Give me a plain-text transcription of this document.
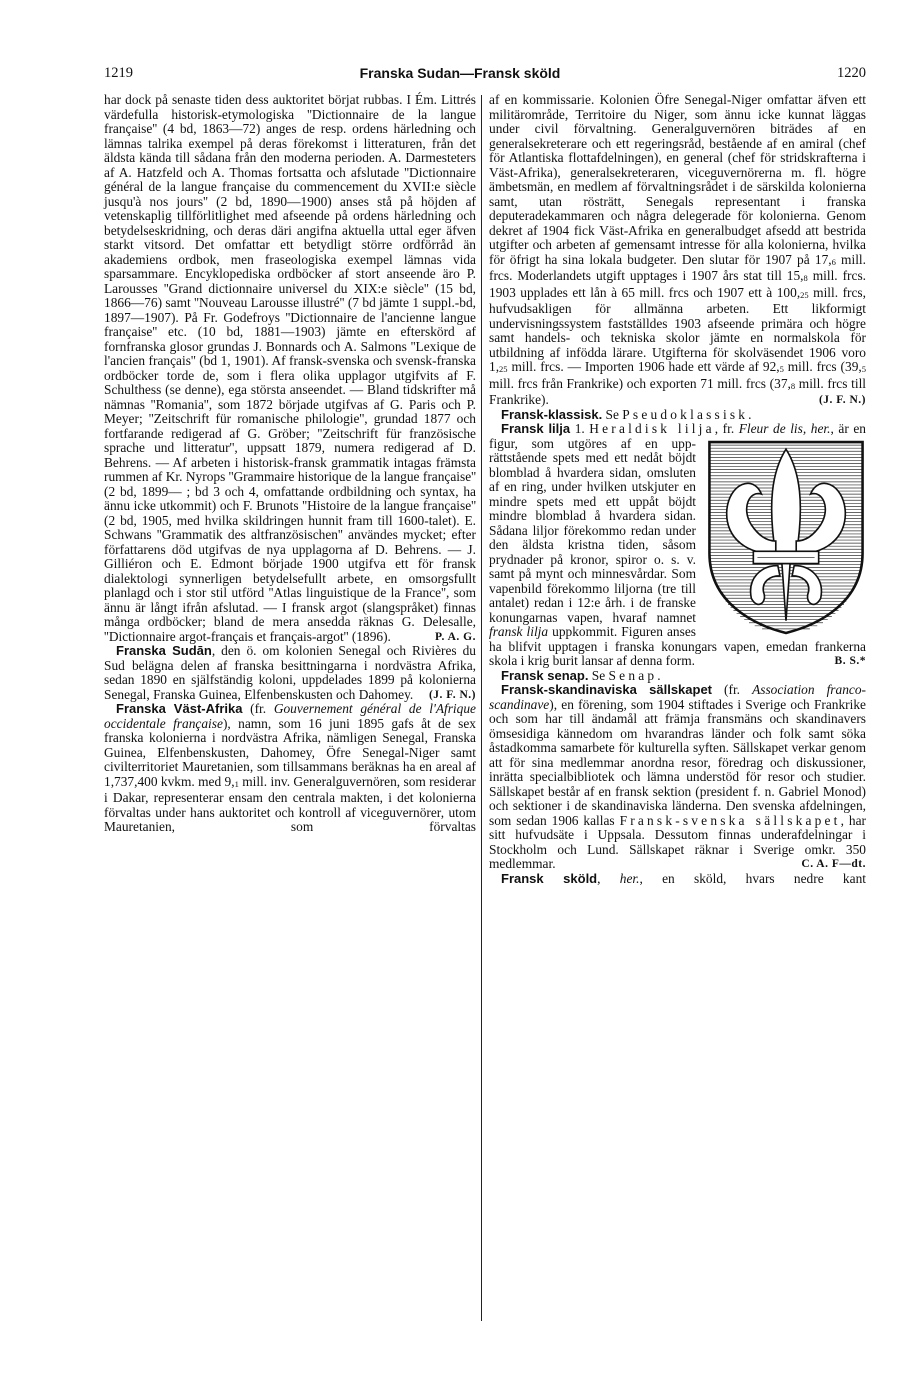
Franska Sudan—Fransk sköld
1219	1220

har dock på senaste tiden dess auktoritet börjat rubbas. I Ém. Littrés värdefulla historisk-etymologiska ''Dictionnaire de la langue française'' (4 bd, 1863—72) anges de resp. ordens härledning och lämnas talrika exempel på deras förekomst i litteraturen, från det äldsta kända till sådana från den moderna perioden. A. Darmesteters af A. Hatzfeld och A. Thomas fortsatta och afslutade ''Dictionnaire général de la langue française du commencement du XVII:e siècle jusqu'à nos jours'' (2 bd, 1890—1900) anses stå på höjden af vetenskaplig tillförlitlighet med afseende på ordens härledning och betydelseskridning, och deras däri angifna aktuella uttal eger äfven starkt vitsord. Det omfattar ett betydligt större ordförråd än akademiens ordbok, men fraseologiska exempel lämnas vida sparsammare. Encyklopediska ordböcker af stort anseende äro P. Larousses ''Grand dictionnaire universel du XIX:e siècle'' (15 bd, 1866—76) samt ''Nouveau Larousse illustré'' (7 bd jämte 1 suppl.-bd, 1897—1907). På Fr. Godefroys ''Dictionnaire de l'ancienne langue française'' etc. (10 bd, 1881—1903) jämte en efterskörd af fornfranska glosor grundas J. Bonnards och A. Salmons ''Lexique de l'ancien français'' (bd 1, 1901). Af fransk-svenska och svensk-franska ordböcker torde de, som i flera olika upplagor utgifvits af F. Schulthess (se denne), ega största anseendet. — Bland tidskrifter må nämnas ''Romania'', som 1872 började utgifvas af G. Paris och P. Meyer; ''Zeitschrift für romanische philologie'', grundad 1877 och fortfarande redigerad af G. Gröber; ''Zeitschrift für französische sprache und litteratur'', uppsatt 1879, numera redigerad af D. Behrens. — Af arbeten i historisk-fransk grammatik intagas främsta rummen af Kr. Nyrops ''Grammaire historique de la langue française'' (2 bd, 1899— ; bd 3 och 4, omfattande ordbildning och syntax, ha ännu icke utkommit) och F. Brunots ''Histoire de la langue française'' (2 bd, 1905, med hvilka skildringen hunnit fram till 1600-talet). E. Schwans ''Grammatik des altfranzösischen'' användes mycket; efter författarens död utgifvas de nya upplagorna af D. Behrens. — J. Gilliéron och E. Edmont började 1900 utgifva ett för fransk dialektologi synnerligen betydelsefullt arbete, en omsorgsfullt planlagd och i stor stil utförd ''Atlas linguistique de la France'', som ännu är långt ifrån afslutad. — I fransk argot (slangspråket) finnas många ordböcker; bland de mera ansedda räknas G. Delesalle, ''Dictionnaire argot-français et français-argot'' (1896).	P. A. G.

Franska Sudān, den ö. om kolonien Senegal och Rivières du Sud belägna delen af franska besittningarna i nordvästra Afrika, sedan 1890 en själfständig koloni, uppdelades 1899 på kolonierna Senegal, Franska Guinea, Elfenbenskusten och Dahomey.	(J. F. N.)

Franska Väst-Afrika (fr. Gouvernement général de l'Afrique occidentale française), namn, som 16 juni 1895 gafs åt de sex franska kolonierna i nordvästra Afrika, nämligen Senegal, Franska Guinea, Elfenbenskusten, Dahomey, Öfre Senegal-Niger samt civilterritoriet Mauretanien, som tillsammans beräknas ha en areal af 1,737,400 kvkm. med 9,1 mill. inv. Generalguvernören, som residerar i Dakar, representerar ensam den centrala makten, i det kolonierna förvaltas under hans auktoritet och kontroll af viceguvernörer, utom Mauretanien, som förvaltas

af en kommissarie. Kolonien Öfre Senegal-Niger omfattar äfven ett militärområde, Territoire du Niger, som ännu icke kunnat läggas under civil förvaltning. Generalguvernören biträdes af en generalsekreterare och ett regeringsråd, bestående af en amiral (chef för Atlantiska flottafdelningen), en general (chef för stridskrafterna i Väst-Afrika), generalsekreteraren, viceguvernörerna m. fl. högre ämbetsmän, en medlem af förvaltningsrådet i de särskilda kolonierna samt, utan rösträtt, Senegals representant i franska deputeradekammaren och några delegerade för kolonierna. Genom dekret af 1904 fick Väst-Afrika en generalbudget afsedd att bestrida utgifter och arbeten af gemensamt intresse för alla kolonierna, hvilka för öfrigt ha sina lokala budgeter. Den slutar för 1907 på 17,6 mill. frcs. Moderlandets utgift upptages i 1907 års stat till 15,8 mill. frcs. 1903 upplades ett lån à 65 mill. frcs och 1907 ett à 100,25 mill. frcs, hufvudsakligen för allmänna arbeten. Ett likformigt undervisningssystem fastställdes 1903 afseende primära och högre samt handels- och tekniska skolor jämte en normalskola för utbildning af infödda lärare. Utgifterna för skolväsendet 1906 voro 1,25 mill. frcs. — Importen 1906 hade ett värde af 92,5 mill. frcs (39,5 mill. frcs från Frankrike) och exporten 71 mill. frcs (37,8 mill. frcs till Frankrike).	(J. F. N.)

Fransk-klassisk. Se Pseudoklassisk.

Fransk lilja 1. Heraldisk lilja, fr. Fleur de lis, her., är en figur, som utgöres af en upp-
rättstående spets med ett nedåt böjdt blomblad å hvardera sidan, omsluten af en ring, under hvilken utskjuter en mindre spets med ett uppåt böjdt mindre blomblad å hvardera sidan. Sådana liljor förekommo redan under den äldsta kristna tiden, såsom prydnader på kronor, spiror o. s. v. samt på mynt och minnesvårdar. Som vapenbild förekommo liljorna (tre till antalet) redan i 12:e årh. i de franske konungarnas vapen, hvaraf namnet fransk lilja uppkommit. Figuren anses ha blifvit upptagen i franska konungars vapen, emedan frankerna skola i krig burit lansar af denna form.	B. S.*

Fransk senap. Se Senap.

Fransk-skandinaviska sällskapet (fr. Association franco-scandinave), en förening, som 1904 stiftades i Sverige och Frankrike och som har till ändamål att främja fransmäns och skandinavers ömsesidiga kännedom om hvarandras länder och folk samt söka åstadkomma samarbete för kulturella syften. Sällskapet verkar genom att för sina medlemmar anordna resor, föredrag och diskussioner, inrätta specialbibliotek och lämna understöd för resor och studier. Sällskapet består af en fransk sektion (president f. n. Gabriel Monod) och sektioner i de skandinaviska länderna. Den svenska afdelningen, som sedan 1906 kallas Fransk-svenska sällskapet, har sitt hufvudsäte i Uppsala. Dessutom finnas underafdelningar i Stockholm och Lund. Sällskapet räknar i Sverige omkr. 350 medlemmar.	C. A. F—dt.

Fransk sköld, her., en sköld, hvars nedre kant
